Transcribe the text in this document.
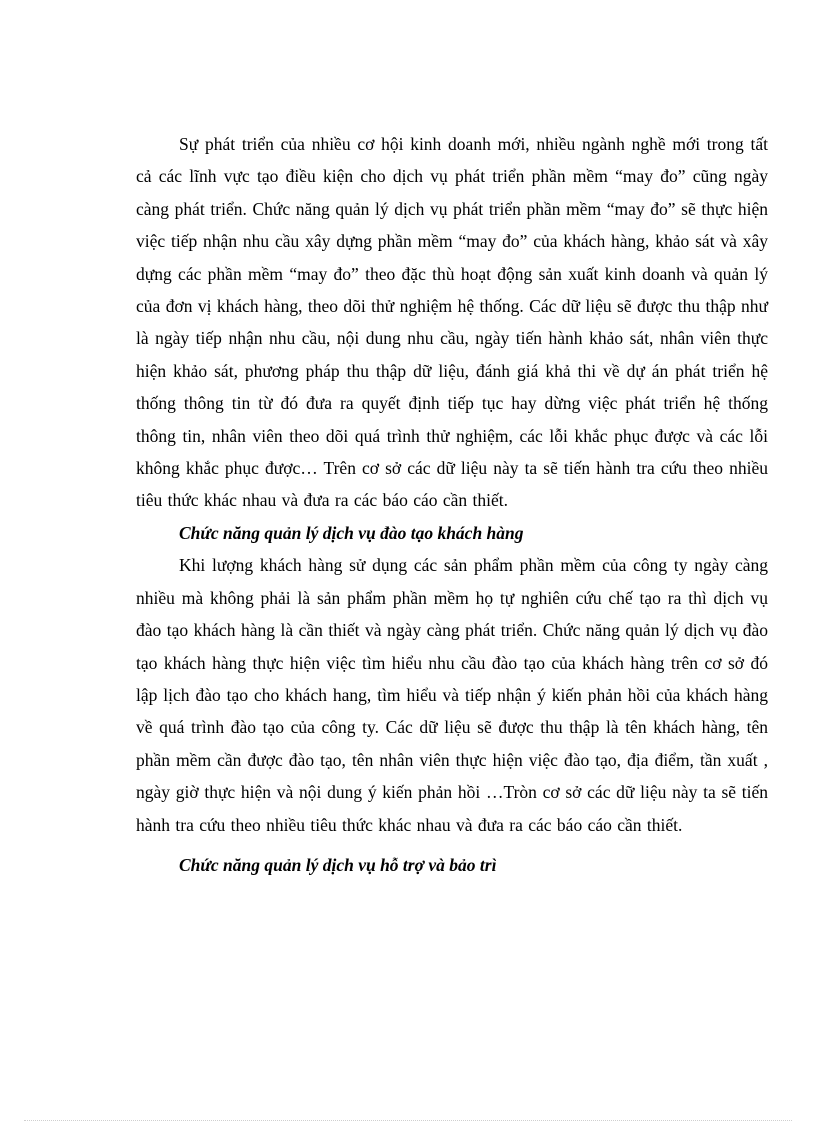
Sự phát triển của nhiều cơ hội kinh doanh mới, nhiều ngành nghề mới trong tất cả các lĩnh vực tạo điều kiện cho dịch vụ phát triển phần mềm “may đo” cũng ngày càng phát triển. Chức năng quản lý dịch vụ phát triển phần mềm “may đo” sẽ thực hiện việc tiếp nhận nhu cầu xây dựng phần mềm “may đo” của khách hàng, khảo sát và xây dựng các phần mềm “may đo” theo đặc thù hoạt động sản xuất kinh doanh và quản lý của đơn vị khách hàng, theo dõi thử nghiệm hệ thống. Các dữ liệu sẽ được thu thập như là ngày tiếp nhận nhu cầu, nội dung nhu cầu, ngày tiến hành khảo sát, nhân viên thực hiện khảo sát, phương pháp thu thập dữ liệu, đánh giá khả thi về dự án phát triển hệ thống thông tin từ đó đưa ra quyết định tiếp tục hay dừng việc phát triển hệ thống thông tin, nhân viên theo dõi quá trình thử nghiệm, các lỗi khắc phục được và các lỗi không khắc phục được… Trên cơ sở các dữ liệu này ta sẽ tiến hành tra cứu theo nhiều tiêu thức khác nhau và đưa ra các báo cáo cần thiết.

Chức năng quản lý dịch vụ đào tạo khách hàng

Khi lượng khách hàng sử dụng các sản phẩm phần mềm của công ty ngày càng nhiều mà không phải là sản phẩm phần mềm họ tự nghiên cứu chế tạo ra thì dịch vụ đào tạo khách hàng là cần thiết và ngày càng phát triển. Chức năng quản lý dịch vụ đào tạo khách hàng thực hiện việc tìm hiểu nhu cầu đào tạo của khách hàng trên cơ sở đó lập lịch đào tạo cho khách hang, tìm hiểu và tiếp nhận ý kiến phản hồi của khách hàng về quá trình đào tạo của công ty. Các dữ liệu sẽ được thu thập là tên khách hàng, tên phần mềm cần được đào tạo, tên nhân viên thực hiện việc đào tạo, địa điểm, tần xuất , ngày giờ thực hiện và nội dung ý kiến phản hồi …Tròn cơ sở các dữ liệu này ta sẽ tiến hành tra cứu theo nhiều tiêu thức khác nhau và đưa ra các báo cáo cần thiết.

Chức năng quản lý dịch vụ hỗ trợ và bảo trì
